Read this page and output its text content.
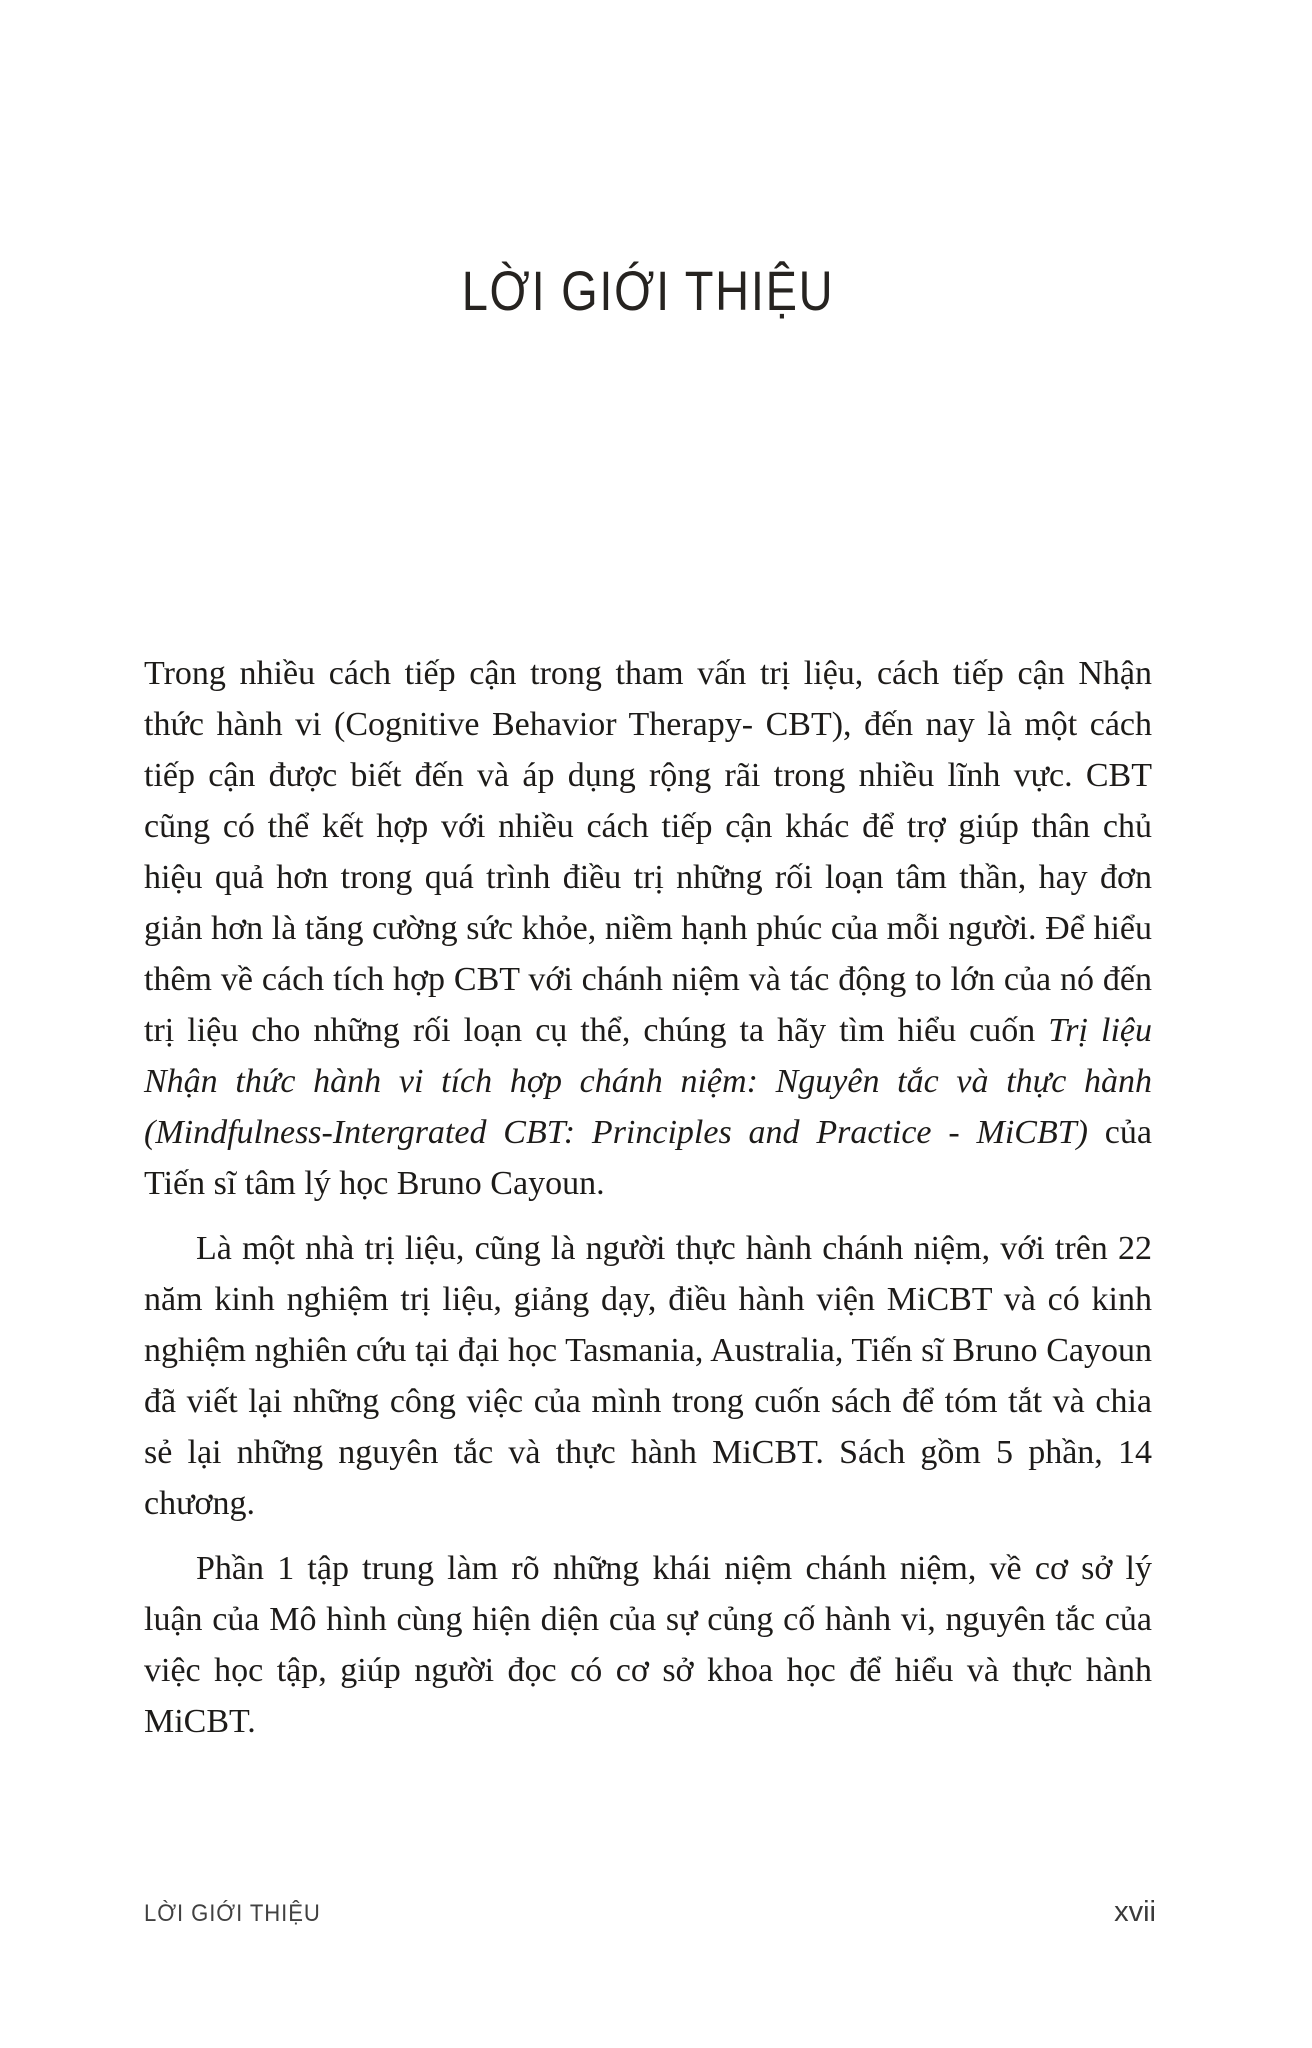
LỜI GIỚI THIỆU

Trong nhiều cách tiếp cận trong tham vấn trị liệu, cách tiếp cận Nhận thức hành vi (Cognitive Behavior Therapy- CBT), đến nay là một cách tiếp cận được biết đến và áp dụng rộng rãi trong nhiều lĩnh vực. CBT cũng có thể kết hợp với nhiều cách tiếp cận khác để trợ giúp thân chủ hiệu quả hơn trong quá trình điều trị những rối loạn tâm thần, hay đơn giản hơn là tăng cường sức khỏe, niềm hạnh phúc của mỗi người. Để hiểu thêm về cách tích hợp CBT với chánh niệm và tác động to lớn của nó đến trị liệu cho những rối loạn cụ thể, chúng ta hãy tìm hiểu cuốn Trị liệu Nhận thức hành vi tích hợp chánh niệm: Nguyên tắc và thực hành (Mindfulness-Intergrated CBT: Principles and Practice - MiCBT) của Tiến sĩ tâm lý học Bruno Cayoun.

Là một nhà trị liệu, cũng là người thực hành chánh niệm, với trên 22 năm kinh nghiệm trị liệu, giảng dạy, điều hành viện MiCBT và có kinh nghiệm nghiên cứu tại đại học Tasmania, Australia, Tiến sĩ Bruno Cayoun đã viết lại những công việc của mình trong cuốn sách để tóm tắt và chia sẻ lại những nguyên tắc và thực hành MiCBT. Sách gồm 5 phần, 14 chương.

Phần 1 tập trung làm rõ những khái niệm chánh niệm, về cơ sở lý luận của Mô hình cùng hiện diện của sự củng cố hành vi, nguyên tắc của việc học tập, giúp người đọc có cơ sở khoa học để hiểu và thực hành MiCBT.

LỜI GIỚI THIỆU	xvii
